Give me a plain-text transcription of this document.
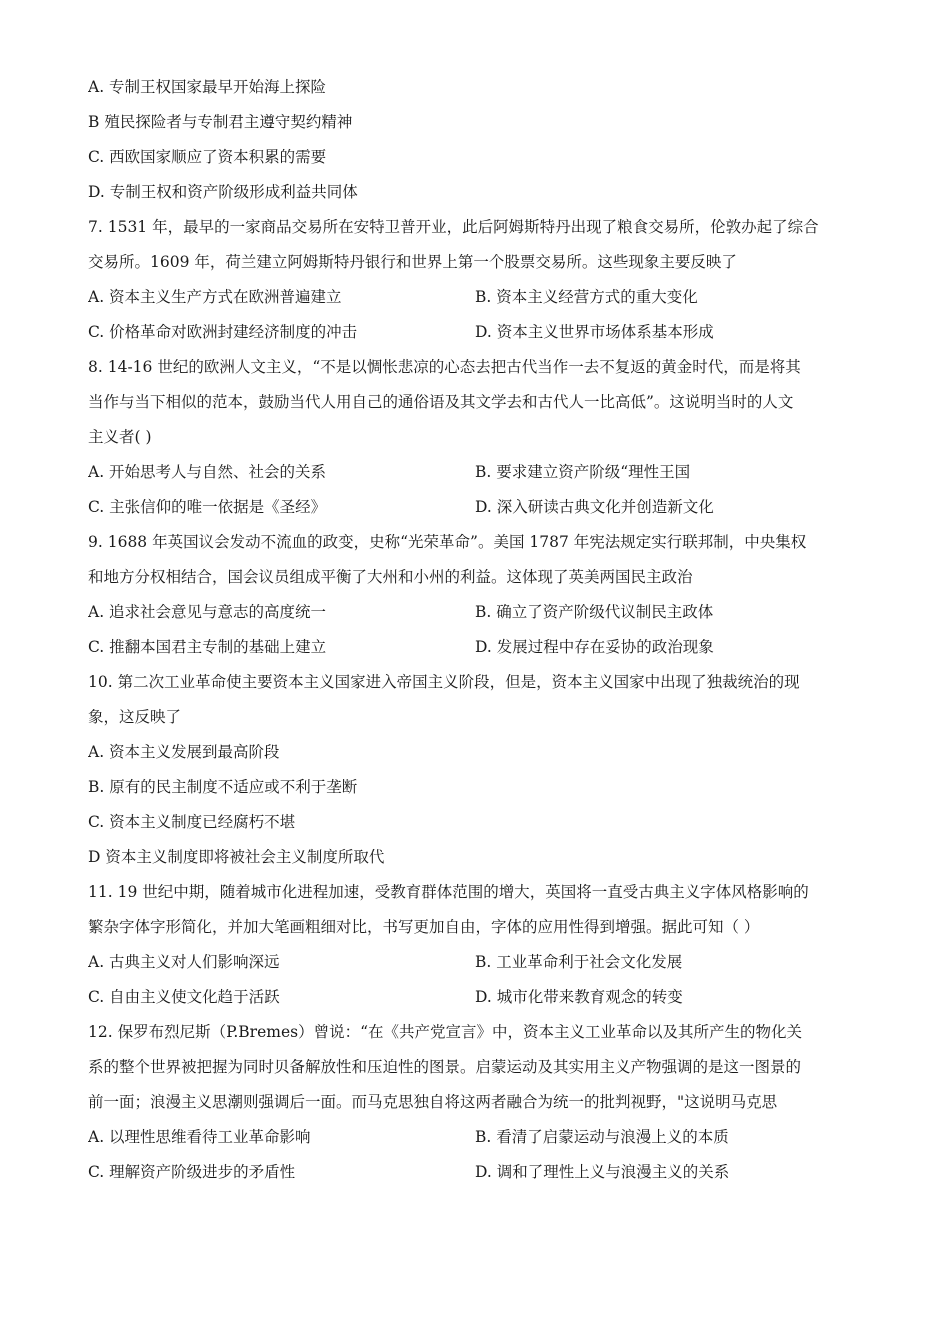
A. 专制王权国家最早开始海上探险
B 殖民探险者与专制君主遵守契约精神
C. 西欧国家顺应了资本积累的需要
D. 专制王权和资产阶级形成利益共同体
7. 1531 年，最早的一家商品交易所在安特卫普开业，此后阿姆斯特丹出现了粮食交易所，伦敦办起了综合
交易所。1609 年，荷兰建立阿姆斯特丹银行和世界上第一个股票交易所。这些现象主要反映了
A. 资本主义生产方式在欧洲普遍建立	B. 资本主义经营方式的重大变化
C. 价格革命对欧洲封建经济制度的冲击	D. 资本主义世界市场体系基本形成
8. 14-16 世纪的欧洲人文主义，“不是以惆怅悲凉的心态去把古代当作一去不复返的黄金时代，而是将其
当作与当下相似的范本，鼓励当代人用自己的通俗语及其文学去和古代人一比高低”。这说明当时的人文
主义者( )
A. 开始思考人与自然、社会的关系	B. 要求建立资产阶级“理性王国
C. 主张信仰的唯一依据是《圣经》	D. 深入研读古典文化并创造新文化
9. 1688 年英国议会发动不流血的政变，史称“光荣革命”。美国 1787 年宪法规定实行联邦制，中央集权
和地方分权相结合，国会议员组成平衡了大州和小州的利益。这体现了英美两国民主政治
A. 追求社会意见与意志的高度统一	B. 确立了资产阶级代议制民主政体
C. 推翻本国君主专制的基础上建立	D. 发展过程中存在妥协的政治现象
10. 第二次工业革命使主要资本主义国家进入帝国主义阶段，但是，资本主义国家中出现了独裁统治的现
象，这反映了
A. 资本主义发展到最高阶段
B. 原有的民主制度不适应或不利于垄断
C. 资本主义制度已经腐朽不堪
D 资本主义制度即将被社会主义制度所取代
11. 19 世纪中期，随着城市化进程加速，受教育群体范围的增大，英国将一直受古典主义字体风格影响的
繁杂字体字形简化，并加大笔画粗细对比，书写更加自由，字体的应用性得到增强。据此可知（ ）
A. 古典主义对人们影响深远	B. 工业革命利于社会文化发展
C. 自由主义使文化趋于活跃	D. 城市化带来教育观念的转变
12. 保罗布烈尼斯（P.Bremes）曾说：“在《共产党宣言》中，资本主义工业革命以及其所产生的物化关
系的整个世界被把握为同时贝备解放性和压迫性的图景。启蒙运动及其实用主义产物强调的是这一图景的
前一面；浪漫主义思潮则强调后一面。而马克思独自将这两者融合为统一的批判视野，"这说明马克思
A. 以理性思维看待工业革命影响	B. 看清了启蒙运动与浪漫上义的本质
C. 理解资产阶级进步的矛盾性	D. 调和了理性上义与浪漫主义的关系
